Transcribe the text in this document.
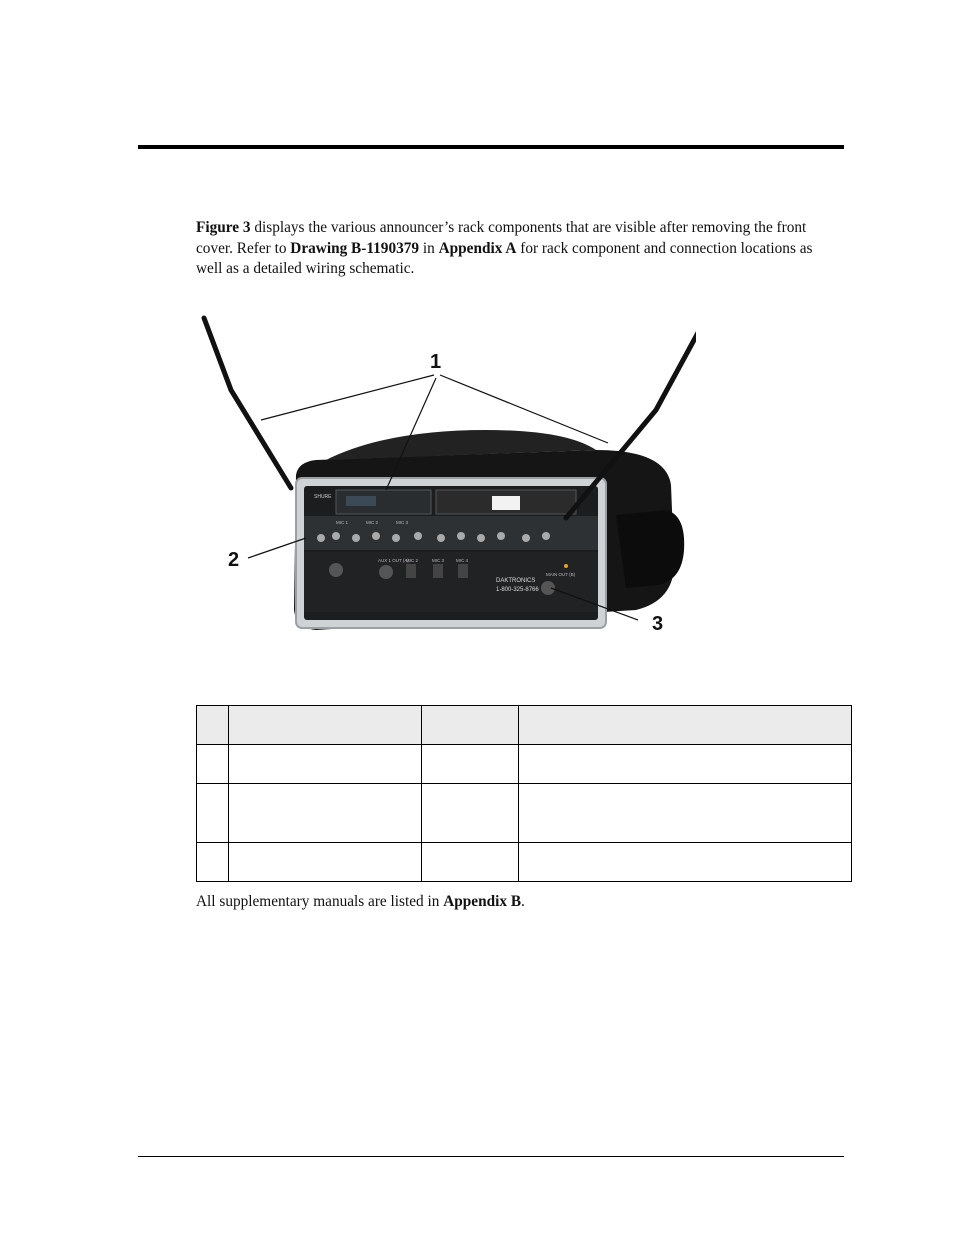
Figure 3 displays the various announcer’s rack components that are visible after removing the front cover. Refer to Drawing B-1190379 in Appendix A for rack component and connection locations as well as a detailed wiring schematic.
SHURE
MIC 1	MIC 2	MIC 3
AUX 1 OUT (A)
MIC 2	MIC 3	MIC 4
DAKTRONICS
1-800-325-8766
MAIN OUT (B)
1
2
3

All supplementary manuals are listed in Appendix B.
